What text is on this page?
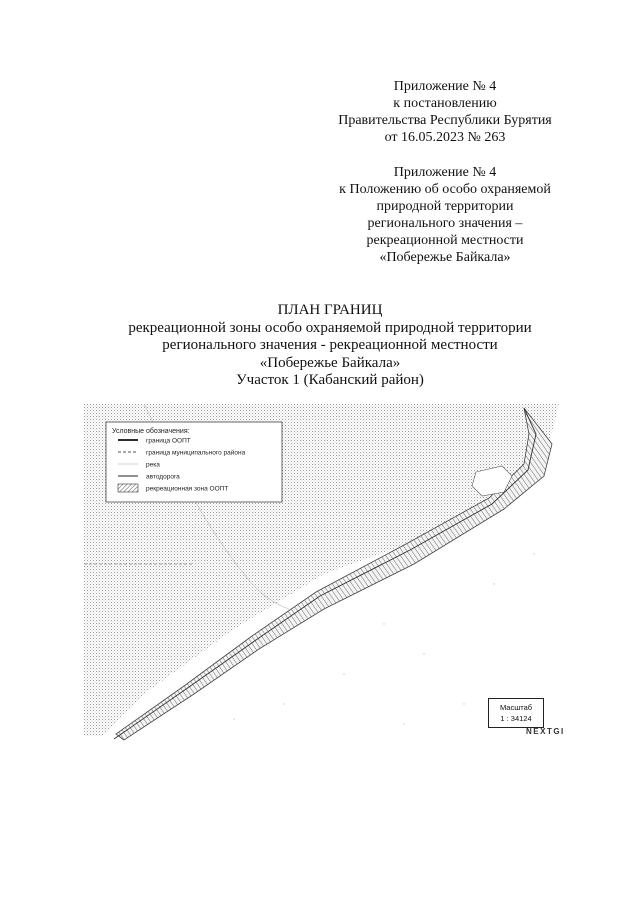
Приложение № 4
к постановлению
Правительства Республики Бурятия
от 16.05.2023 № 263
Приложение № 4
к Положению об особо охраняемой
природной территории
регионального значения –
рекреационной местности
«Побережье Байкала»
ПЛАН ГРАНИЦ
рекреационной зоны особо охраняемой природной территории
регионального значения - рекреационной местности
«Побережье Байкала»
Участок 1 (Кабанский район)
Условные обозначения:
граница ООПТ
граница муниципального района
река
автодорога
рекреационная зона ООПТ
Масштаб
1 : 34124
NEXTGI
